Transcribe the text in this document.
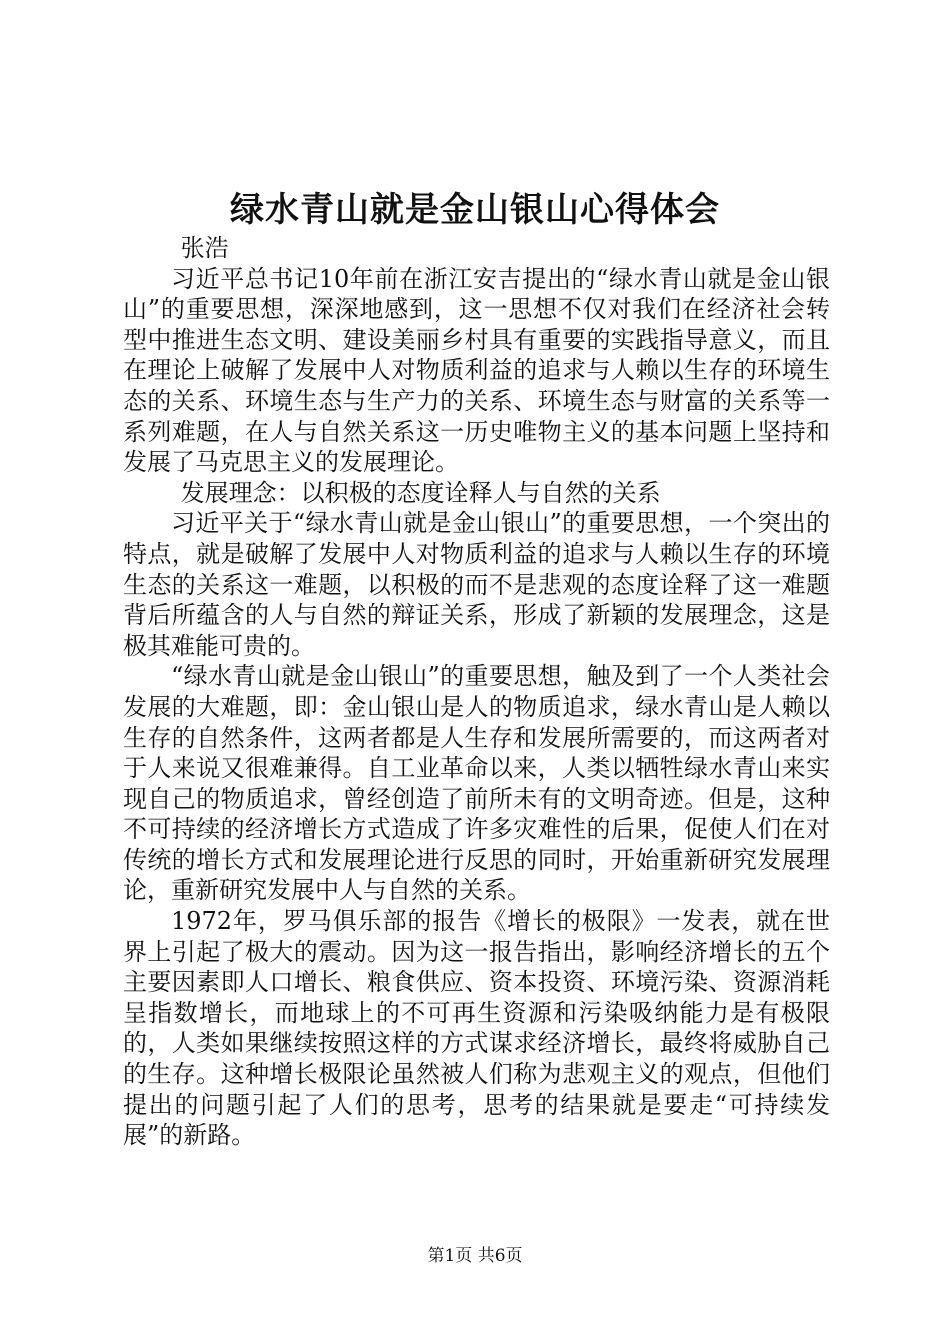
绿水青山就是金山银山心得体会

张浩

习近平总书记10年前在浙江安吉提出的“绿水青山就是金山银山”的重要思想，深深地感到，这一思想不仅对我们在经济社会转型中推进生态文明、建设美丽乡村具有重要的实践指导意义，而且在理论上破解了发展中人对物质利益的追求与人赖以生存的环境生态的关系、环境生态与生产力的关系、环境生态与财富的关系等一系列难题，在人与自然关系这一历史唯物主义的基本问题上坚持和发展了马克思主义的发展理论。

发展理念：以积极的态度诠释人与自然的关系

习近平关于“绿水青山就是金山银山”的重要思想，一个突出的特点，就是破解了发展中人对物质利益的追求与人赖以生存的环境生态的关系这一难题，以积极的而不是悲观的态度诠释了这一难题背后所蕴含的人与自然的辩证关系，形成了新颖的发展理念，这是极其难能可贵的。

“绿水青山就是金山银山”的重要思想，触及到了一个人类社会发展的大难题，即：金山银山是人的物质追求，绿水青山是人赖以生存的自然条件，这两者都是人生存和发展所需要的，而这两者对于人来说又很难兼得。自工业革命以来，人类以牺牲绿水青山来实现自己的物质追求，曾经创造了前所未有的文明奇迹。但是，这种不可持续的经济增长方式造成了许多灾难性的后果，促使人们在对传统的增长方式和发展理论进行反思的同时，开始重新研究发展理论，重新研究发展中人与自然的关系。

1972年，罗马俱乐部的报告《增长的极限》一发表，就在世界上引起了极大的震动。因为这一报告指出，影响经济增长的五个主要因素即人口增长、粮食供应、资本投资、环境污染、资源消耗呈指数增长，而地球上的不可再生资源和污染吸纳能力是有极限的，人类如果继续按照这样的方式谋求经济增长，最终将威胁自己的生存。这种增长极限论虽然被人们称为悲观主义的观点，但他们提出的问题引起了人们的思考，思考的结果就是要走“可持续发展”的新路。

第1页 共6页
